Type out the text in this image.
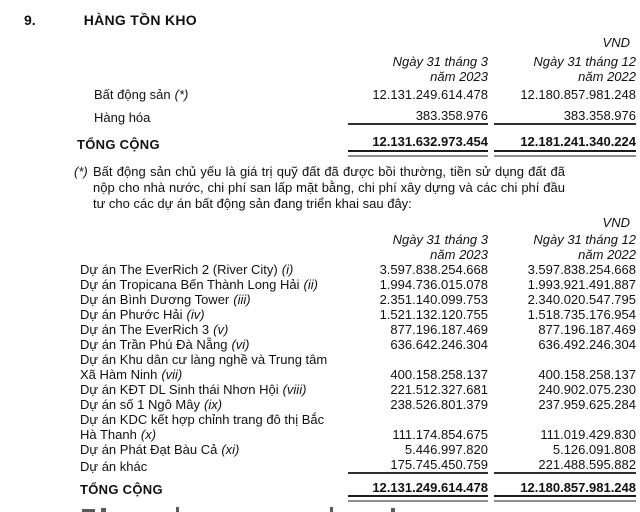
9.	HÀNG TỒN KHO
VND
Ngày 31 tháng 3
năm 2023
Ngày 31 tháng 12
năm 2022
Bất động sản (*)	12.131.249.614.478	12.180.857.981.248
Hàng hóa	383.358.976	383.358.976
TỔNG CỘNG	12.131.632.973.454	12.181.241.340.224
(*) Bất động sản chủ yếu là giá trị quỹ đất đã được bồi thường, tiền sử dụng đất đã nộp cho nhà nước, chi phí san lấp mặt bằng, chi phí xây dựng và các chi phí đầu tư cho các dự án bất động sản đang triển khai sau đây:
VND
Ngày 31 tháng 3
năm 2023
Ngày 31 tháng 12
năm 2022
Dự án The EverRich 2 (River City) (i)	3.597.838.254.668	3.597.838.254.668
Dự án Tropicana Bến Thành Long Hải (ii)	1.994.736.015.078	1.993.921.491.887
Dự án Bình Dương Tower (iii)	2.351.140.099.753	2.340.020.547.795
Dự án Phước Hải (iv)	1.521.132.120.755	1.518.735.176.954
Dự án The EverRich 3 (v)	877.196.187.469	877.196.187.469
Dự án Trần Phú Đà Nẵng (vi)	636.642.246.304	636.492.246.304
Dự án Khu dân cư làng nghề và Trung tâm Xã Hàm Ninh (vii)	400.158.258.137	400.158.258.137
Dự án KĐT DL Sinh thái Nhơn Hội (viii)	221.512.327.681	240.902.075.230
Dự án số 1 Ngô Mây (ix)	238.526.801.379	237.959.625.284
Dự án KDC kết hợp chỉnh trang đô thị Bắc Hà Thanh (x)	111.174.854.675	111.019.429.830
Dự án Phát Đạt Bàu Cả (xi)	5.446.997.820	5.126.091.808
Dự án khác	175.745.450.759	221.488.595.882
TỔNG CỘNG	12.131.249.614.478	12.180.857.981.248
